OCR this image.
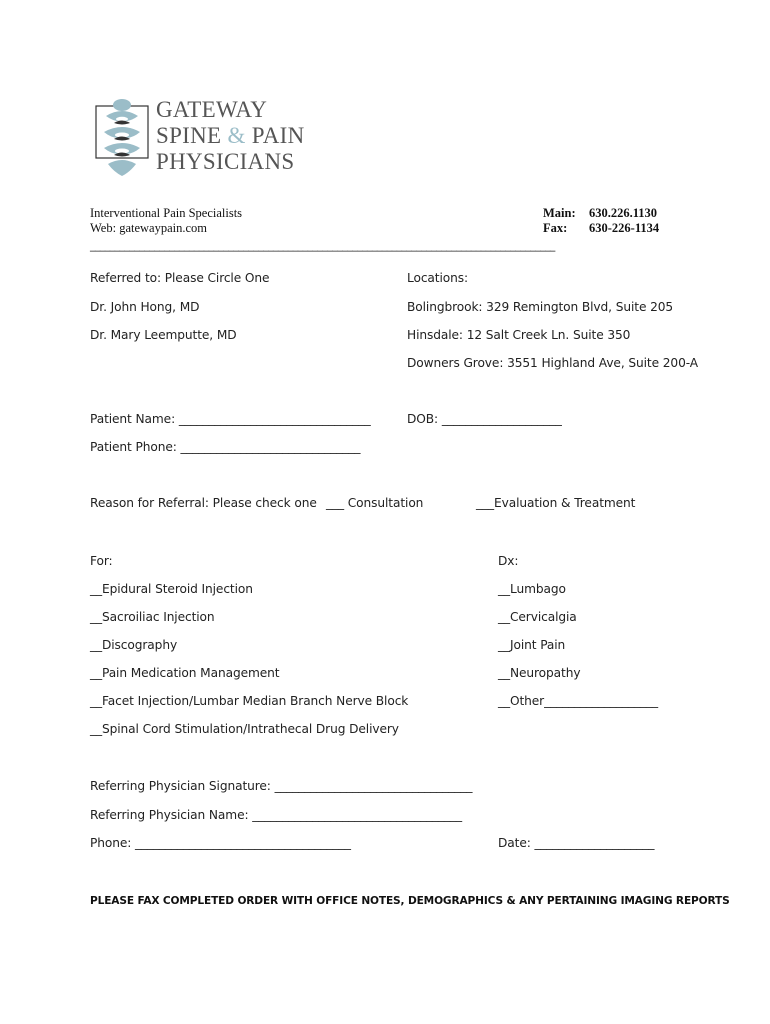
GATEWAY
SPINE & PAIN
PHYSICIANS
Interventional Pain Specialists
Web: gatewaypain.com
Main: 630.226.1130
Fax: 630-226-1134
______________________________________________________________________________________________
Referred to: Please Circle One
Dr. John Hong, MD
Dr. Mary Leemputte, MD
Locations:
Bolingbrook: 329 Remington Blvd, Suite 205
Hinsdale: 12 Salt Creek Ln. Suite 350
Downers Grove: 3551 Highland Ave, Suite 200-A
Patient Name: ________________________________	DOB: ____________________
Patient Phone: ______________________________
Reason for Referral: Please check one ___ Consultation	___Evaluation & Treatment
For:
__Epidural Steroid Injection
__Sacroiliac Injection
__Discography
__Pain Medication Management
__Facet Injection/Lumbar Median Branch Nerve Block
__Spinal Cord Stimulation/Intrathecal Drug Delivery
Dx:
__Lumbago
__Cervicalgia
__Joint Pain
__Neuropathy
__Other___________________
Referring Physician Signature: _________________________________
Referring Physician Name: ___________________________________
Phone: ____________________________________	Date: ____________________
PLEASE FAX COMPLETED ORDER WITH OFFICE NOTES, DEMOGRAPHICS & ANY PERTAINING IMAGING REPORTS
